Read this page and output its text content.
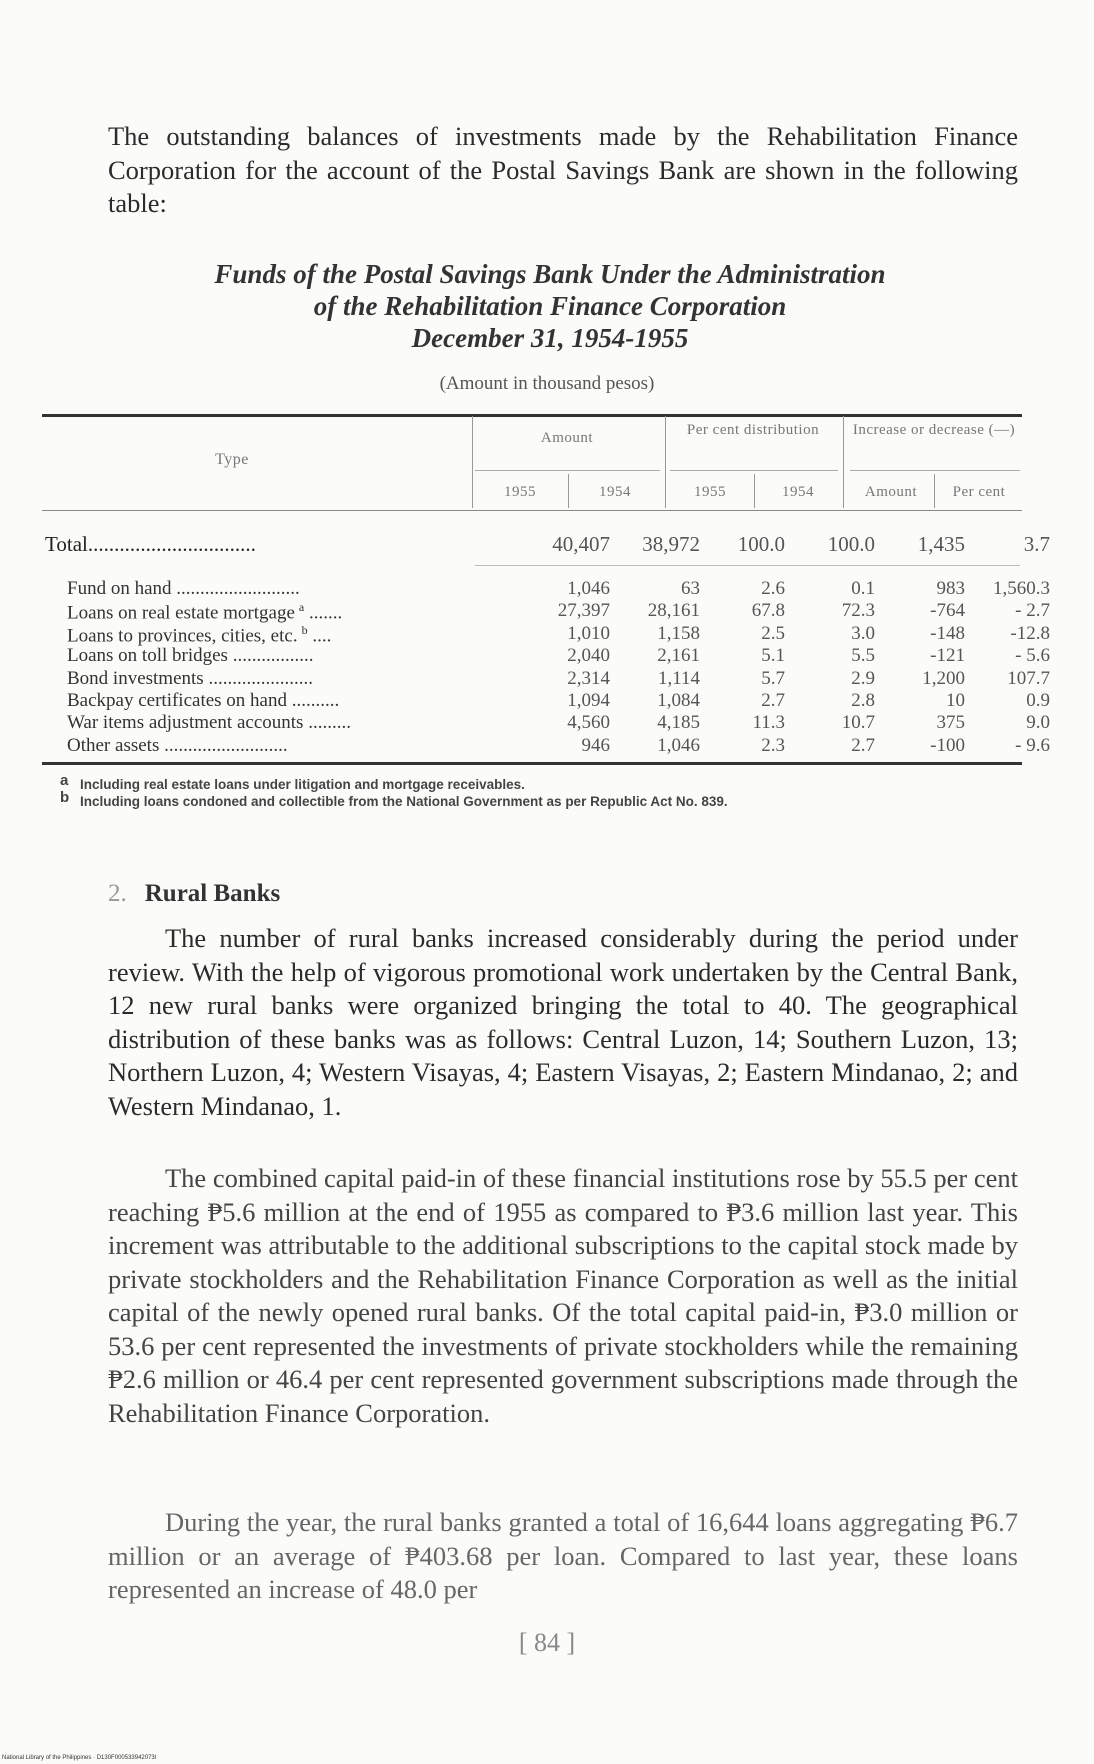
The outstanding balances of investments made by the Rehabilitation Finance Corporation for the account of the Postal Savings Bank are shown in the following table:

Funds of the Postal Savings Bank Under the Administration
of the Rehabilitation Finance Corporation
December 31, 1954-1955
(Amount in thousand pesos)
Type
Amount	Per cent distribution	Increase or decrease (—)
1955	1954	1955	1954	Amount	Per cent
Total................................	40,407	38,972	100.0	100.0	1,435	3.7
Fund on hand ..........................	1,046	63	2.6	0.1	983	1,560.3
Loans on real estate mortgage $^a$ .......	27,397	28,161	67.8	72.3	-764	- 2.7
Loans to provinces, cities, etc. $^b$ ....	1,010	1,158	2.5	3.0	-148	-12.8
Loans on toll bridges .................	2,040	2,161	5.1	5.5	-121	- 5.6
Bond investments ......................	2,314	1,114	5.7	2.9	1,200	107.7
Backpay certificates on hand ..........	1,094	1,084	2.7	2.8	10	0.9
War items adjustment accounts .........	4,560	4,185	11.3	10.7	375	9.0
Other assets ..........................	946	1,046	2.3	2.7	-100	- 9.6
a Including real estate loans under litigation and mortgage receivables.
b Including loans condoned and collectible from the National Government as per Republic Act No. 839.
2. Rural Banks

The number of rural banks increased considerably during the period under review. With the help of vigorous promotional work undertaken by the Central Bank, 12 new rural banks were organized bringing the total to 40. The geographical distribution of these banks was as follows: Central Luzon, 14; Southern Luzon, 13; Northern Luzon, 4; Western Visayas, 4; Eastern Visayas, 2; Eastern Mindanao, 2; and Western Mindanao, 1.

The combined capital paid-in of these financial institutions rose by 55.5 per cent reaching ₱5.6 million at the end of 1955 as compared to ₱3.6 million last year. This increment was attributable to the additional subscriptions to the capital stock made by private stockholders and the Rehabilitation Finance Corporation as well as the initial capital of the newly opened rural banks. Of the total capital paid-in, ₱3.0 million or 53.6 per cent represented the investments of private stockholders while the remaining ₱2.6 million or 46.4 per cent represented government subscriptions made through the Rehabilitation Finance Corporation.

During the year, the rural banks granted a total of 16,644 loans aggregating ₱6.7 million or an average of ₱403.68 per loan. Compared to last year, these loans represented an increase of 48.0 per

[ 84 ]
National Library of the Philippines · D130F000533942073l
